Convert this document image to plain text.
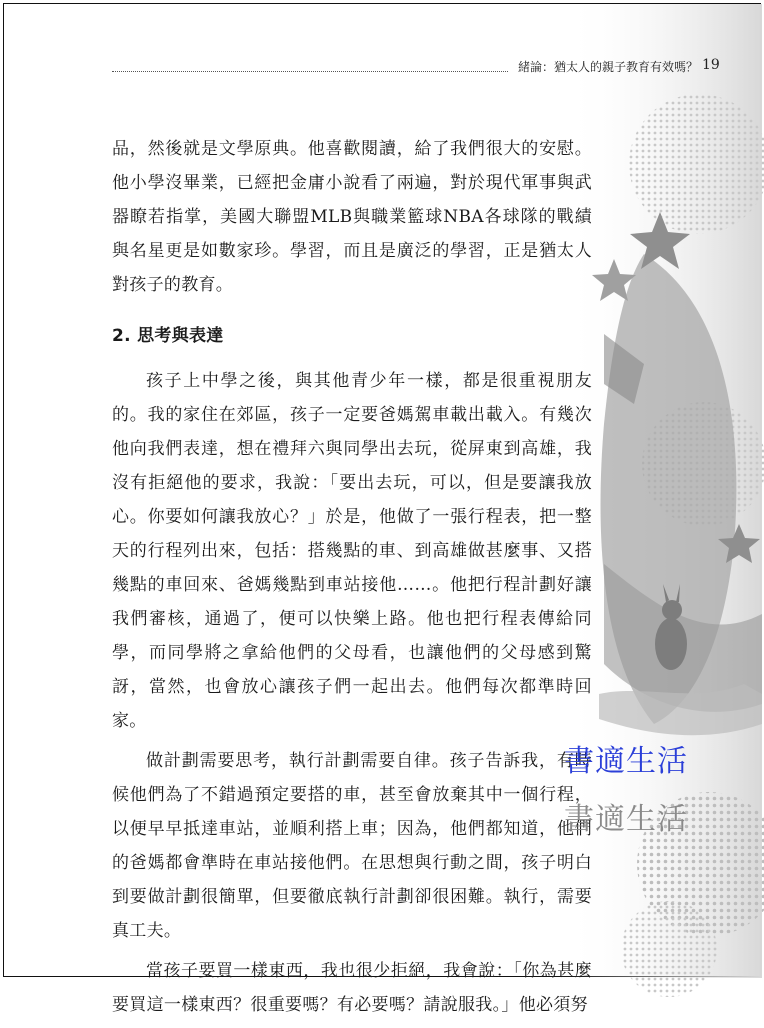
緒論：猶太人的親子教育有效嗎？ 19

品，然後就是文學原典。他喜歡閱讀，給了我們很大的安慰。他小學沒畢業，已經把金庸小說看了兩遍，對於現代軍事與武器瞭若指掌，美國大聯盟MLB與職業籃球NBA各球隊的戰績與名星更是如數家珍。學習，而且是廣泛的學習，正是猶太人對孩子的教育。

2. 思考與表達

孩子上中學之後，與其他青少年一樣，都是很重視朋友的。我的家住在郊區，孩子一定要爸媽駕車載出載入。有幾次他向我們表達，想在禮拜六與同學出去玩，從屏東到高雄，我沒有拒絕他的要求，我說：「要出去玩，可以，但是要讓我放心。你要如何讓我放心？」於是，他做了一張行程表，把一整天的行程列出來，包括：搭幾點的車、到高雄做甚麼事、又搭幾點的車回來、爸媽幾點到車站接他……。他把行程計劃好讓我們審核，通過了，便可以快樂上路。他也把行程表傳給同學，而同學將之拿給他們的父母看，也讓他們的父母感到驚訝，當然，也會放心讓孩子們一起出去。他們每次都準時回家。

做計劃需要思考，執行計劃需要自律。孩子告訴我，有時候他們為了不錯過預定要搭的車，甚至會放棄其中一個行程，以便早早抵達車站，並順利搭上車；因為，他們都知道，他們的爸媽都會準時在車站接他們。在思想與行動之間，孩子明白到要做計劃很簡單，但要徹底執行計劃卻很困難。執行，需要真工夫。

當孩子要買一樣東西，我也很少拒絕，我會說：「你為甚麼要買這一樣東西？很重要嗎？有必要嗎？請說服我。」他必須努

書適生活
書適生活
